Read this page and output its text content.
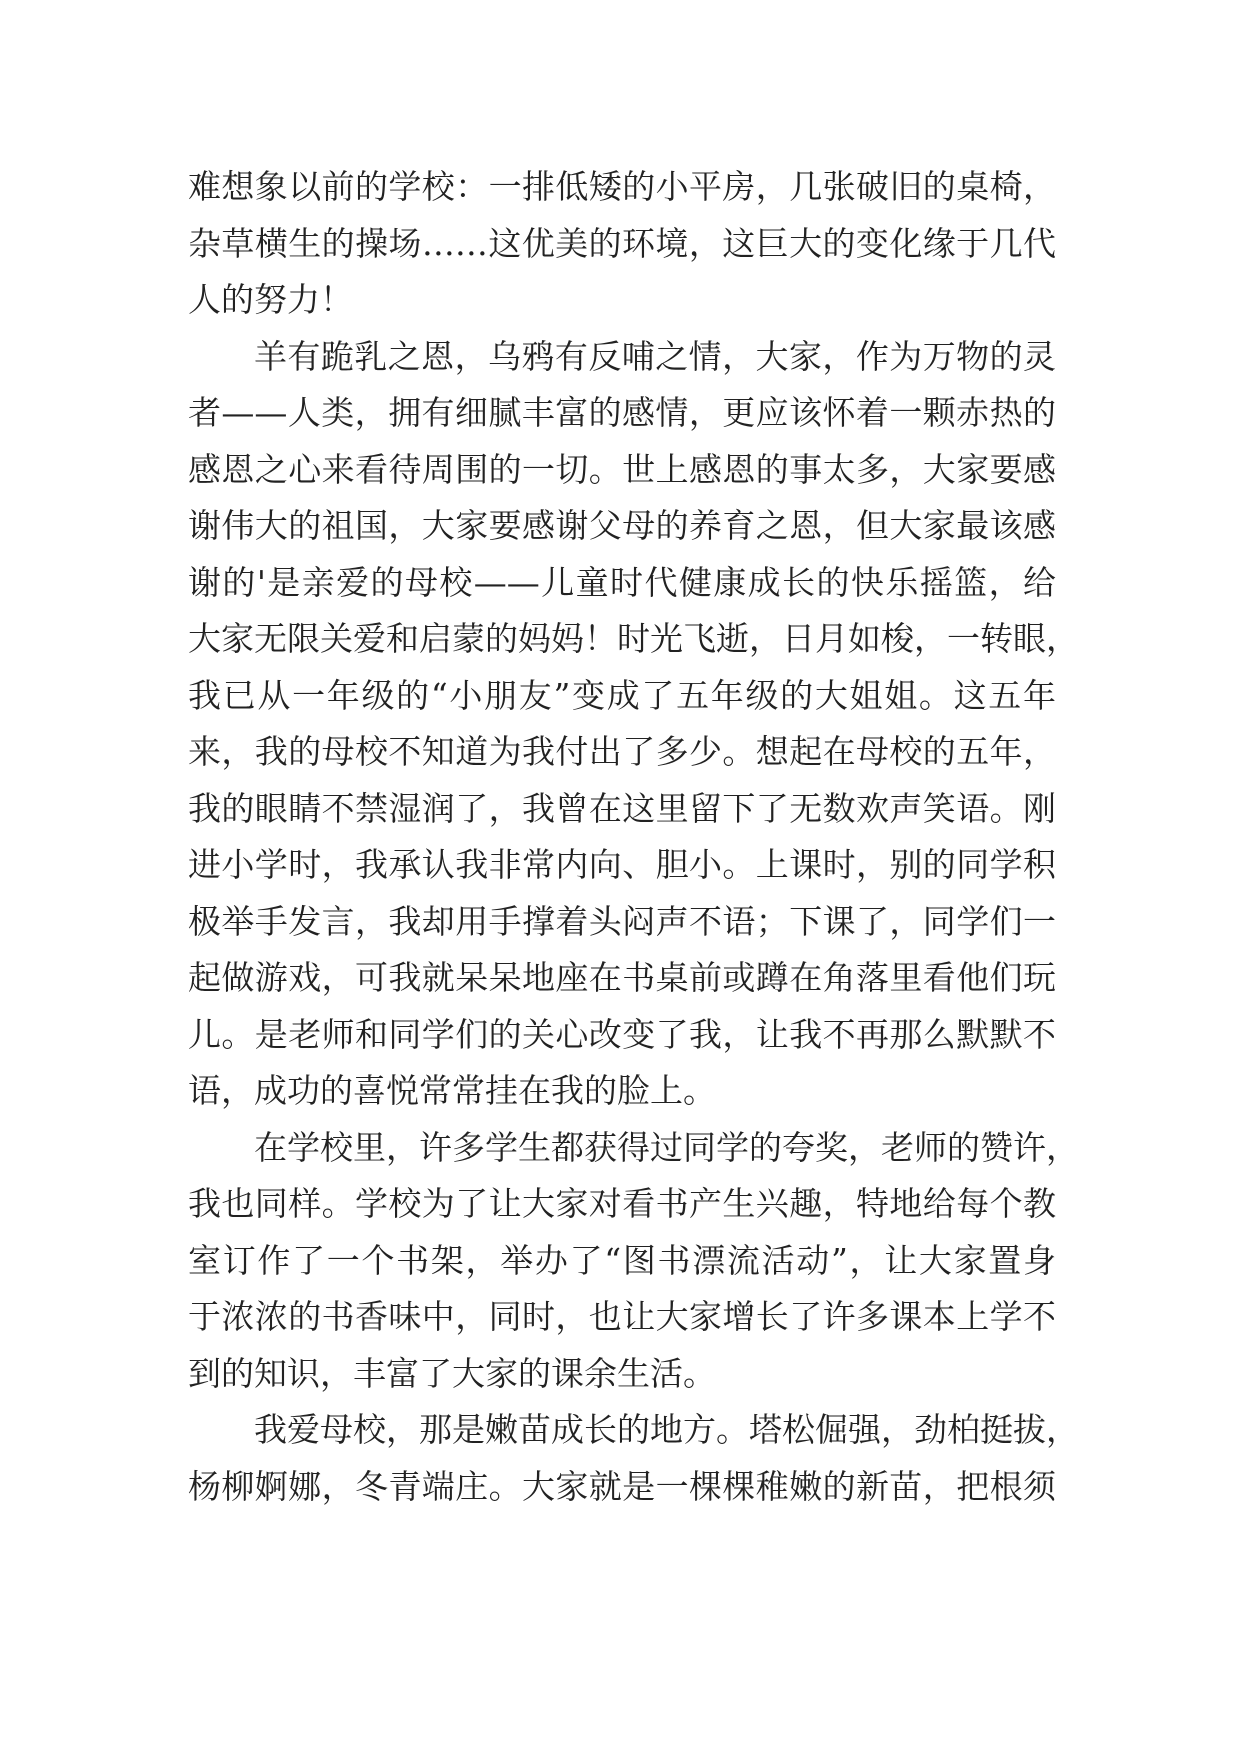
难想象以前的学校：一排低矮的小平房，几张破旧的桌椅，
杂草横生的操场……这优美的环境，这巨大的变化缘于几代
人的努力！
羊有跪乳之恩，乌鸦有反哺之情，大家，作为万物的灵
者——人类，拥有细腻丰富的感情，更应该怀着一颗赤热的
感恩之心来看待周围的一切。世上感恩的事太多，大家要感
谢伟大的祖国，大家要感谢父母的养育之恩，但大家最该感
谢的'是亲爱的母校——儿童时代健康成长的快乐摇篮，给
大家无限关爱和启蒙的妈妈！时光飞逝，日月如梭，一转眼，
我已从一年级的“小朋友”变成了五年级的大姐姐。这五年
来，我的母校不知道为我付出了多少。想起在母校的五年，
我的眼睛不禁湿润了，我曾在这里留下了无数欢声笑语。刚
进小学时，我承认我非常内向、胆小。上课时，别的同学积
极举手发言，我却用手撑着头闷声不语；下课了，同学们一
起做游戏，可我就呆呆地座在书桌前或蹲在角落里看他们玩
儿。是老师和同学们的关心改变了我，让我不再那么默默不
语，成功的喜悦常常挂在我的脸上。
在学校里，许多学生都获得过同学的夸奖，老师的赞许，
我也同样。学校为了让大家对看书产生兴趣，特地给每个教
室订作了一个书架，举办了“图书漂流活动”，让大家置身
于浓浓的书香味中，同时，也让大家增长了许多课本上学不
到的知识，丰富了大家的课余生活。
我爱母校，那是嫩苗成长的地方。塔松倔强，劲柏挺拔，
杨柳婀娜，冬青端庄。大家就是一棵棵稚嫩的新苗，把根须
